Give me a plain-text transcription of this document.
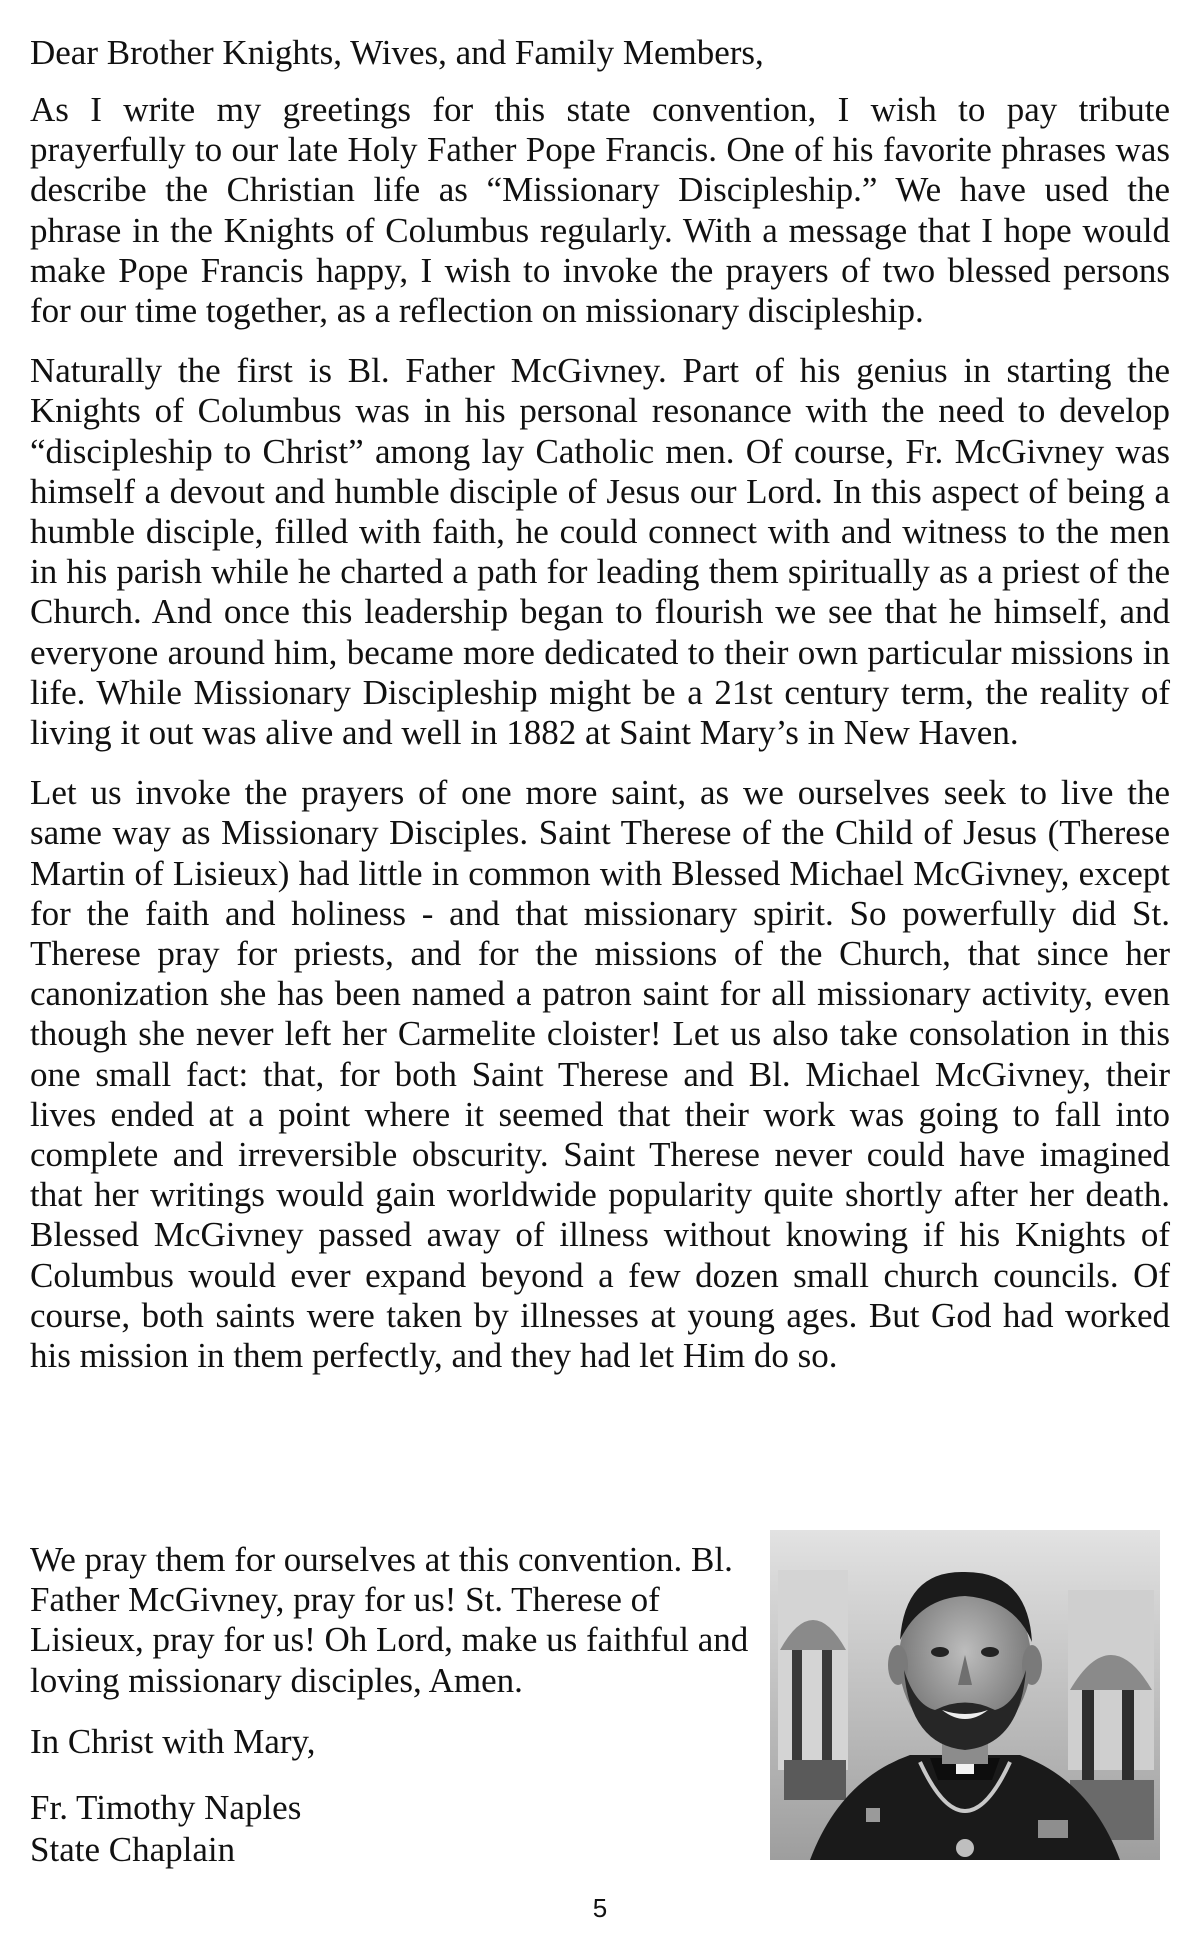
Dear Brother Knights, Wives, and Family Members,

As I write my greetings for this state convention, I wish to pay tribute prayerfully to our late Holy Father Pope Francis. One of his favorite phrases was describe the Christian life as “Missionary Discipleship.” We have used the phrase in the Knights of Columbus regularly. With a message that I hope would make Pope Francis happy, I wish to invoke the prayers of two blessed persons for our time together, as a reflection on missionary discipleship.

Naturally the first is Bl. Father McGivney. Part of his genius in starting the Knights of Columbus was in his personal resonance with the need to develop “discipleship to Christ” among lay Catholic men. Of course, Fr. McGivney was himself a devout and humble disciple of Jesus our Lord. In this aspect of being a humble disciple, filled with faith, he could connect with and witness to the men in his parish while he charted a path for leading them spiritually as a priest of the Church. And once this leadership began to flourish we see that he himself, and everyone around him, became more dedicated to their own particular missions in life. While Missionary Discipleship might be a 21st century term, the reality of living it out was alive and well in 1882 at Saint Mary’s in New Haven.

Let us invoke the prayers of one more saint, as we ourselves seek to live the same way as Missionary Disciples. Saint Therese of the Child of Jesus (Therese Martin of Lisieux) had little in common with Blessed Michael McGivney, except for the faith and holiness - and that missionary spirit. So powerfully did St. Therese pray for priests, and for the missions of the Church, that since her canonization she has been named a patron saint for all missionary activity, even though she never left her Carmelite cloister! Let us also take consolation in this one small fact: that, for both Saint Therese and Bl. Michael McGivney, their lives ended at a point where it seemed that their work was going to fall into complete and irreversible obscurity. Saint Therese never could have imagined that her writings would gain worldwide popularity quite shortly after her death. Blessed McGivney passed away of illness without knowing if his Knights of Columbus would ever expand beyond a few dozen small church councils. Of course, both saints were taken by illnesses at young ages. But God had worked his mission in them perfectly, and they had let Him do so.

We pray them for ourselves at this convention. Bl. Father McGivney, pray for us! St. Therese of Lisieux, pray for us! Oh Lord, make us faithful and loving missionary disciples, Amen.

In Christ with Mary,

Fr. Timothy Naples

State Chaplain

5
